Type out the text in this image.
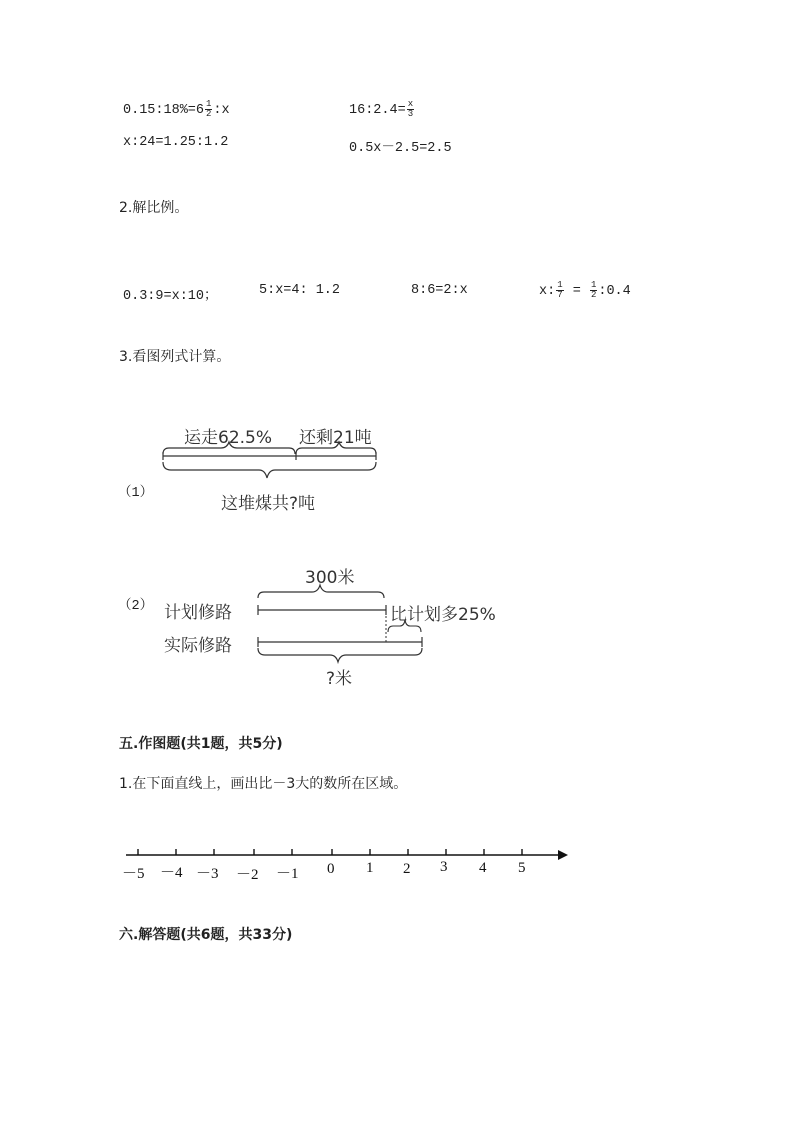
0.15:18%=6 $\frac{1}{2}$ :x	16:2.4= $\frac{x}{3}$
x:24=1.25:1.2	0.5x－2.5=2.5
2.解比例。
0.3:9=x:10；	5:x=4: 1.2	8:6=2:x	x: $\frac{1}{7} = \frac{1}{2}$ :0.4
3.看图列式计算。
（1）
运走62.5% 还剩21吨
这堆煤共?吨
（2）
300米
计划修路
实际修路
比计划多25%
?米
五.作图题(共1题，共5分)
1.在下面直线上，画出比－3大的数所在区域。
－5 －4 －3 －2 －1 0 1 2 3 4 5
六.解答题(共6题，共33分)
